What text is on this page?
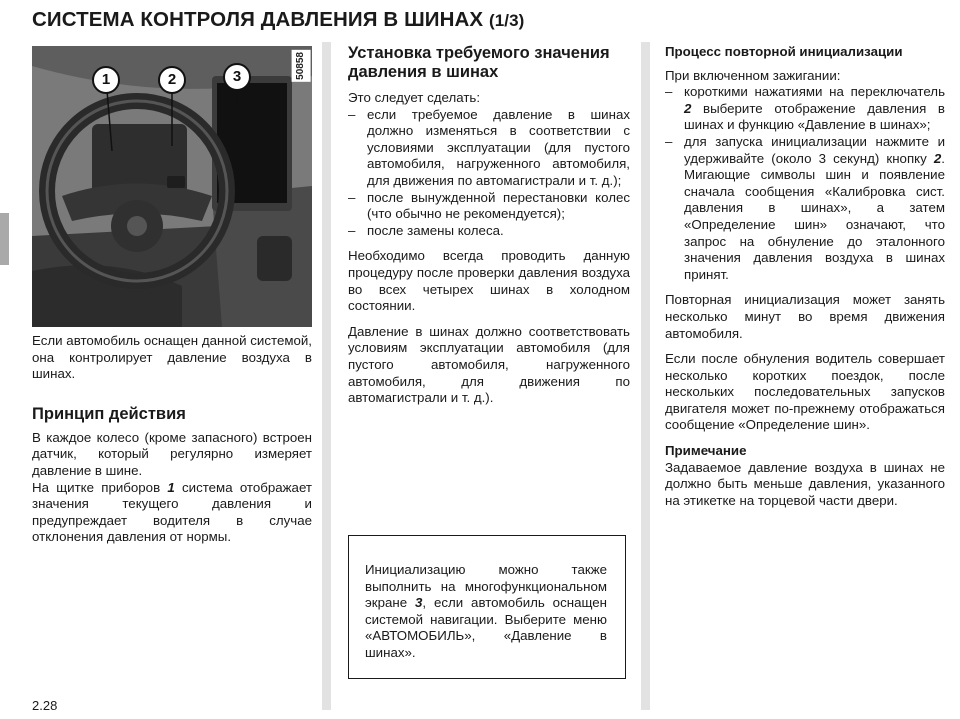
СИСТЕМА КОНТРОЛЯ ДАВЛЕНИЯ В ШИНАХ (1/3)
50858
1	2	3

Если автомобиль оснащен данной системой, она контролирует давление воздуха в шинах.

Принцип действия

В каждое колесо (кроме запасного) встроен датчик, который регулярно измеряет давление в шине.

На щитке приборов 1 система отображает значения текущего давления и предупреждает водителя в случае отклонения давления от нормы.

Установка требуемого значения давления в шинах

Это следует сделать:

– если требуемое давление в шинах должно изменяться в соответствии с условиями эксплуатации (для пустого автомобиля, нагруженного автомобиля, для движения по автомагистрали и т. д.);
– после вынужденной перестановки колес (что обычно не рекомендуется);
– после замены колеса.

Необходимо всегда проводить данную процедуру после проверки давления воздуха во всех четырех шинах в холодном состоянии.

Давление в шинах должно соответствовать условиям эксплуатации автомобиля (для пустого автомобиля, нагруженного автомобиля, для движения по автомагистрали и т. д.).

Инициализацию можно также выполнить на многофункциональном экране 3, если автомобиль оснащен системой навигации. Выберите меню «АВТОМОБИЛЬ», «Давление в шинах».

Процесс повторной инициализации

При включенном зажигании:

– короткими нажатиями на переключатель 2 выберите отображение давления в шинах и функцию «Давление в шинах»;
– для запуска инициализации нажмите и удерживайте (около 3 секунд) кнопку 2. Мигающие символы шин и появление сначала сообщения «Калибровка сист. давления в шинах», а затем «Определение шин» означают, что запрос на обнуление до эталонного значения давления воздуха в шинах принят.

Повторная инициализация может занять несколько минут во время движения автомобиля.

Если после обнуления водитель совершает несколько коротких поездок, после нескольких последовательных запусков двигателя может по-прежнему отображаться сообщение «Определение шин».

Примечание

Задаваемое давление воздуха в шинах не должно быть меньше давления, указанного на этикетке на торцевой части двери.

2.28
